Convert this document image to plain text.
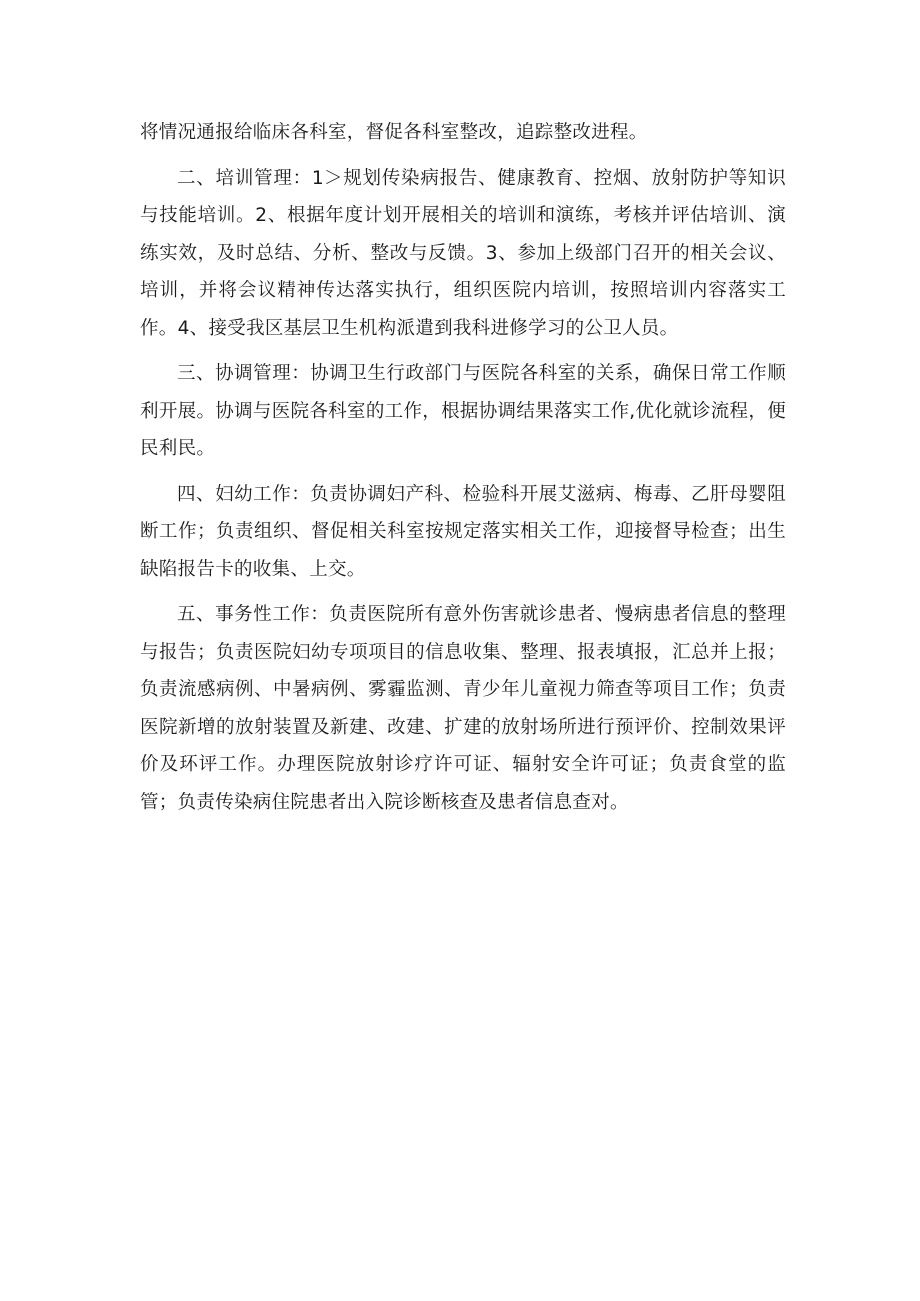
将情况通报给临床各科室，督促各科室整改，追踪整改进程。

二、培训管理：1＞规划传染病报告、健康教育、控烟、放射防护等知识与技能培训。2、根据年度计划开展相关的培训和演练，考核并评估培训、演练实效，及时总结、分析、整改与反馈。3、参加上级部门召开的相关会议、培训，并将会议精神传达落实执行，组织医院内培训，按照培训内容落实工作。4、接受我区基层卫生机构派遣到我科进修学习的公卫人员。

三、协调管理：协调卫生行政部门与医院各科室的关系，确保日常工作顺利开展。协调与医院各科室的工作，根据协调结果落实工作,优化就诊流程，便民利民。

四、妇幼工作：负责协调妇产科、检验科开展艾滋病、梅毒、乙肝母婴阻断工作；负责组织、督促相关科室按规定落实相关工作，迎接督导检查；出生缺陷报告卡的收集、上交。

五、事务性工作：负责医院所有意外伤害就诊患者、慢病患者信息的整理与报告；负责医院妇幼专项项目的信息收集、整理、报表填报，汇总并上报；负责流感病例、中暑病例、雾霾监测、青少年儿童视力筛查等项目工作；负责医院新增的放射装置及新建、改建、扩建的放射场所进行预评价、控制效果评价及环评工作。办理医院放射诊疗许可证、辐射安全许可证；负责食堂的监管；负责传染病住院患者出入院诊断核查及患者信息查对。
